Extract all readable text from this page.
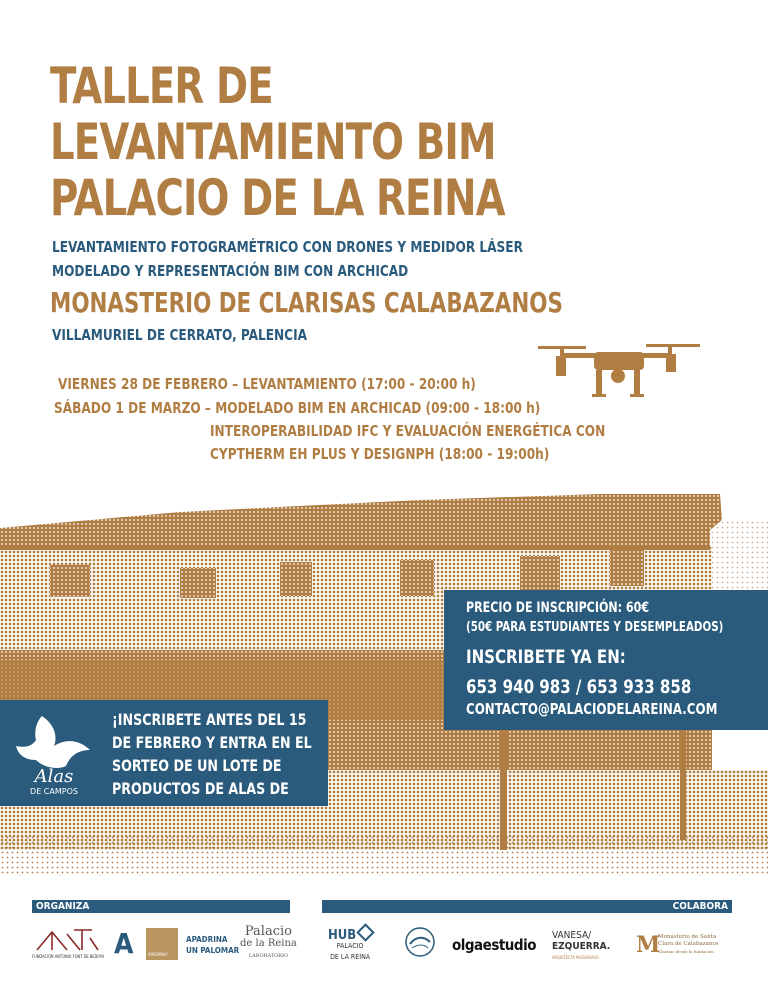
TALLER DE
LEVANTAMIENTO BIM
PALACIO DE LA REINA
LEVANTAMIENTO FOTOGRAMÉTRICO CON DRONES Y MEDIDOR LÁSER
MODELADO Y REPRESENTACIÓN BIM CON ARCHICAD
MONASTERIO DE CLARISAS CALABAZANOS
VILLAMURIEL DE CERRATO, PALENCIA
VIERNES 28 DE FEBRERO – LEVANTAMIENTO (17:00 - 20:00 h)
SÁBADO 1 DE MARZO – MODELADO BIM EN ARCHICAD (09:00 - 18:00 h)
INTEROPERABILIDAD IFC Y EVALUACIÓN ENERGÉTICA CON
CYPTHERM EH PLUS Y DESIGNPH (18:00 - 19:00h)
PRECIO DE INSCRIPCIÓN: 60€
(50€ PARA ESTUDIANTES Y DESEMPLEADOS)
INSCRIBETE YA EN:
653 940 983 / 653 933 858
CONTACTO@PALACIODELAREINA.COM
Alas
DE CAMPOS
¡INSCRIBETE ANTES DEL 15
DE FEBRERO Y ENTRA EN EL
SORTEO DE UN LOTE DE
PRODUCTOS DE ALAS DE
ORGANIZA	COLABORA
FUNDACIÓN ANTONIO FONT DE BEDOYA A	APADRINA!
APADRINA
UN PALOMAR
Palacio
de la Reina
LABORATORIO
HUB
PALACIO
DE LA REINA
olgaestudio
VANESA/
EZQUERRA.
ARQUITECTA PASSIVHAUS	M
Monasterio de Santa
Clara de Calabazanos
Clarisas desde la fundación
